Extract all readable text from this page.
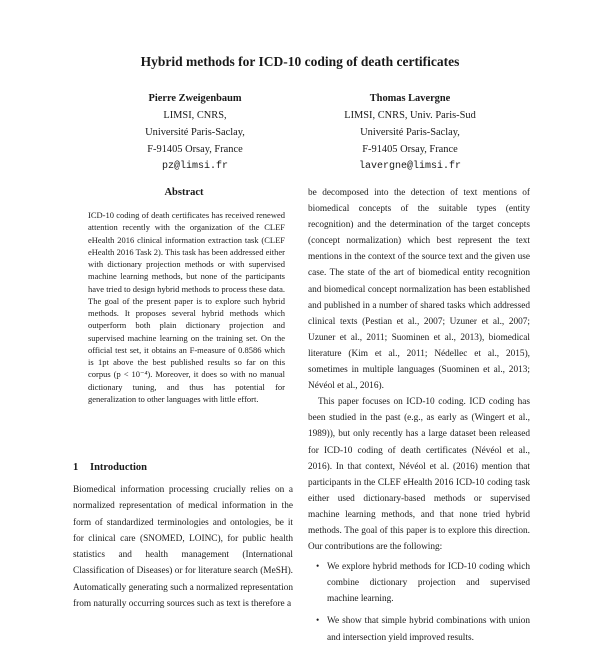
Hybrid methods for ICD-10 coding of death certificates
Pierre Zweigenbaum
LIMSI, CNRS,
Université Paris-Saclay,
F-91405 Orsay, France
pz@limsi.fr
Thomas Lavergne
LIMSI, CNRS, Univ. Paris-Sud
Université Paris-Saclay,
F-91405 Orsay, France
lavergne@limsi.fr
Abstract
ICD-10 coding of death certificates has received renewed attention recently with the organization of the CLEF eHealth 2016 clinical information extraction task (CLEF eHealth 2016 Task 2). This task has been addressed either with dictionary projection methods or with supervised machine learning methods, but none of the participants have tried to design hybrid methods to process these data. The goal of the present paper is to explore such hybrid methods. It proposes several hybrid methods which outperform both plain dictionary projection and supervised machine learning on the training set. On the official test set, it obtains an F-measure of 0.8586 which is 1pt above the best published results so far on this corpus (p < 10⁻⁴). Moreover, it does so with no manual dictionary tuning, and thus has potential for generalization to other languages with little effort.
1 Introduction
Biomedical information processing crucially relies on a normalized representation of medical information in the form of standardized terminologies and ontologies, be it for clinical care (SNOMED, LOINC), for public health statistics and health management (International Classification of Diseases) or for literature search (MeSH). Automatically generating such a normalized representation from naturally occurring sources such as text is therefore a

be decomposed into the detection of text mentions of biomedical concepts of the suitable types (entity recognition) and the determination of the target concepts (concept normalization) which best represent the text mentions in the context of the source text and the given use case. The state of the art of biomedical entity recognition and biomedical concept normalization has been established and published in a number of shared tasks which addressed clinical texts (Pestian et al., 2007; Uzuner et al., 2007; Uzuner et al., 2011; Suominen et al., 2013), biomedical literature (Kim et al., 2011; Nédellec et al., 2015), sometimes in multiple languages (Suominen et al., 2013; Névéol et al., 2016).

This paper focuses on ICD-10 coding. ICD coding has been studied in the past (e.g., as early as (Wingert et al., 1989)), but only recently has a large dataset been released for ICD-10 coding of death certificates (Névéol et al., 2016). In that context, Névéol et al. (2016) mention that participants in the CLEF eHealth 2016 ICD-10 coding task either used dictionary-based methods or supervised machine learning methods, and that none tried hybrid methods. The goal of this paper is to explore this direction. Our contributions are the following:

• We explore hybrid methods for ICD-10 coding which combine dictionary projection and supervised machine learning.
• We show that simple hybrid combinations with union and intersection yield improved results.
